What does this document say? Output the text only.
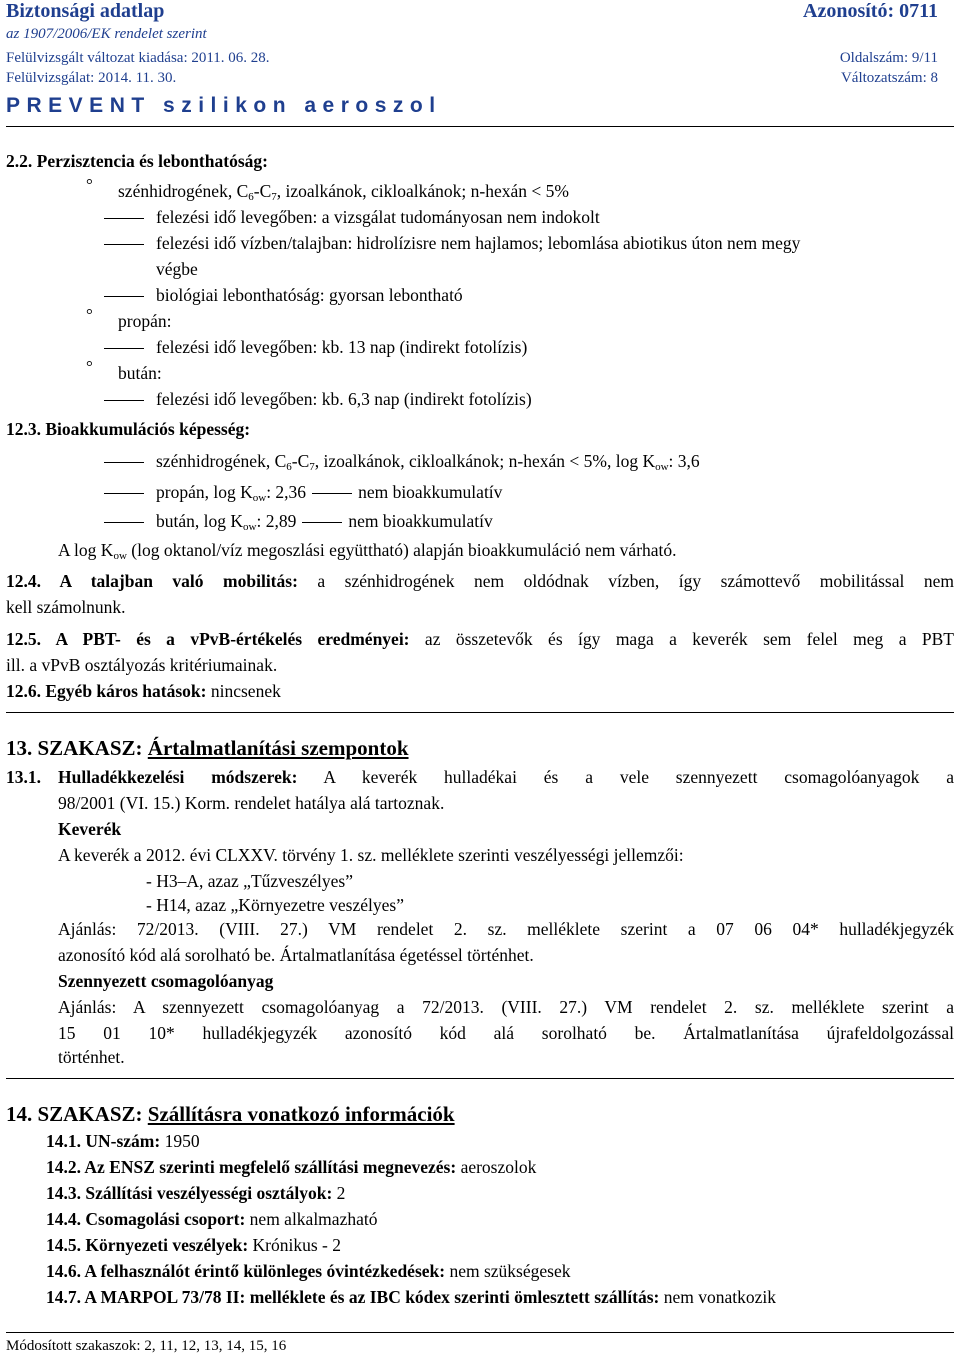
Biztonsági adatlap	Azonosító: 0711
az 1907/2006/EK rendelet szerint
Felülvizsgált változat kiadása: 2011. 06. 28.	Oldalszám: 9/11
Felülvizsgálat: 2014. 11. 30.	Változatszám: 8
PREVENT szilikon aeroszol
2.2. Perzisztencia és lebonthatóság:
° szénhidrogének, $C_6-C_7$, izoalkánok, cikloalkánok; n-hexán < 5%
felezési idő levegőben: a vizsgálat tudományosan nem indokolt
felezési idő vízben/talajban: hidrolízisre nem hajlamos; lebomlása abiotikus úton nem megy
végbe
biológiai lebonthatóság: gyorsan lebontható
° propán:
felezési idő levegőben: kb. 13 nap (indirekt fotolízis)
° bután:
felezési idő levegőben: kb. 6,3 nap (indirekt fotolízis)
12.3. Bioakkumulációs képesség:
szénhidrogének, $C_6-C_7$, izoalkánok, cikloalkánok; n-hexán < 5%, $\log K_{ow}$: 3,6
propán, $\log K_{ow}$: 2,36	nem bioakkumulatív
bután, $\log K_{ow}$: 2,89	nem bioakkumulatív
A $\log K_{ow}$ (log oktanol/víz megoszlási együttható) alapján bioakkumuláció nem várható.
12.4. A talajban való mobilitás: a szénhidrogének nem oldódnak vízben, így számottevő mobilitással nem
kell számolnunk.
12.5. A PBT- és a vPvB-értékelés eredményei: az összetevők és így maga a keverék sem felel meg a PBT
ill. a vPvB osztályozás kritériumainak.
12.6. Egyéb káros hatások: nincsenek
13. SZAKASZ: Ártalmatlanítási szempontok
13.1. Hulladékkezelési módszerek: A keverék hulladékai és a vele szennyezett csomagolóanyagok a
98/2001 (VI. 15.) Korm. rendelet hatálya alá tartoznak.
Keverék
A keverék a 2012. évi CLXXV. törvény 1. sz. melléklete szerinti veszélyességi jellemzői:
- H3–A, azaz „Tűzveszélyes”
- H14, azaz „Környezetre veszélyes”
Ajánlás: 72/2013. (VIII. 27.) VM rendelet 2. sz. melléklete szerint a 07 06 04* hulladékjegyzék
azonosító kód alá sorolható be. Ártalmatlanítása égetéssel történhet.
Szennyezett csomagolóanyag
Ajánlás: A szennyezett csomagolóanyag a 72/2013. (VIII. 27.) VM rendelet 2. sz. melléklete szerint a
15 01 10* hulladékjegyzék azonosító kód alá sorolható be. Ártalmatlanítása újrafeldolgozással
történhet.
14. SZAKASZ: Szállításra vonatkozó információk
14.1. UN-szám: 1950
14.2. Az ENSZ szerinti megfelelő szállítási megnevezés: aeroszolok
14.3. Szállítási veszélyességi osztályok: 2
14.4. Csomagolási csoport: nem alkalmazható
14.5. Környezeti veszélyek: Krónikus - 2
14.6. A felhasználót érintő különleges óvintézkedések: nem szükségesek
14.7. A MARPOL 73/78 II: melléklete és az IBC kódex szerinti ömlesztett szállítás: nem vonatkozik
Módosított szakaszok: 2, 11, 12, 13, 14, 15, 16
